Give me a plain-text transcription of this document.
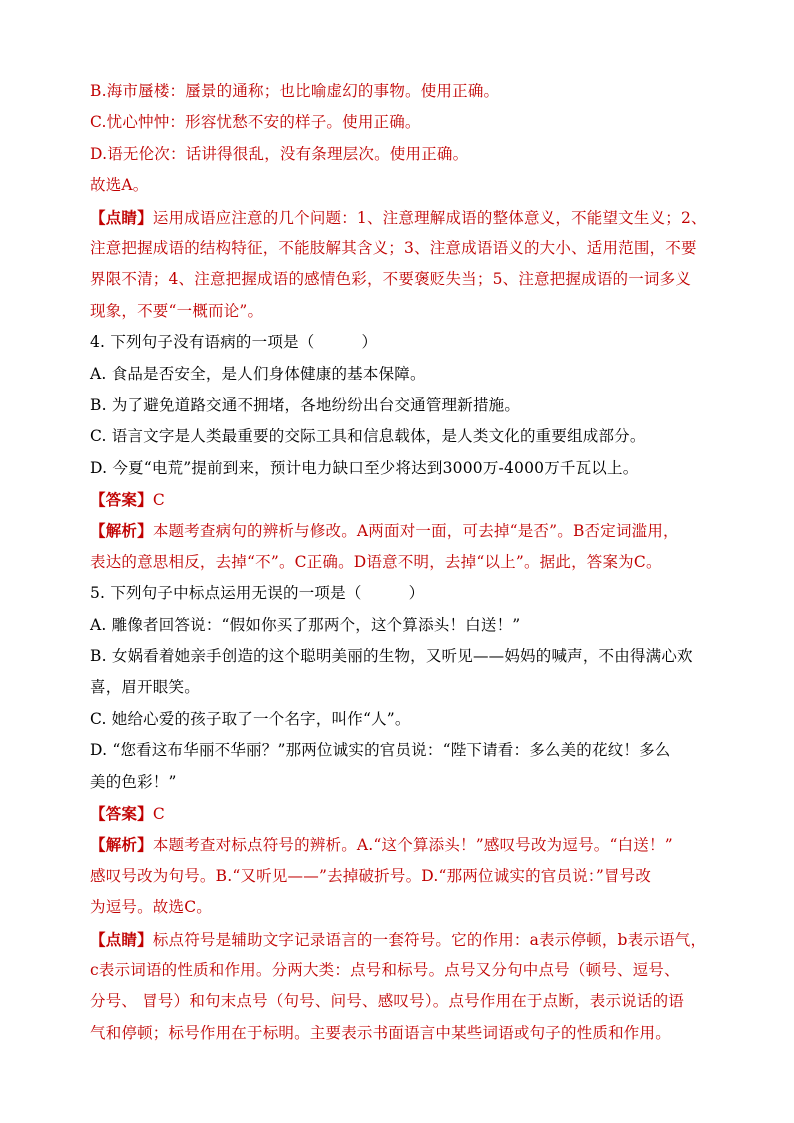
B.海市蜃楼：蜃景的通称；也比喻虚幻的事物。使用正确。
C.忧心忡忡：形容忧愁不安的样子。使用正确。
D.语无伦次：话讲得很乱，没有条理层次。使用正确。
故选A。
【点睛】运用成语应注意的几个问题：1、注意理解成语的整体意义，不能望文生义；2、
注意把握成语的结构特征，不能肢解其含义；3、注意成语语义的大小、适用范围，不要
界限不清；4、注意把握成语的感情色彩，不要褒贬失当；5、注意把握成语的一词多义
现象，不要“一概而论”。
4. 下列句子没有语病的一项是（　　　）
A. 食品是否安全，是人们身体健康的基本保障。
B. 为了避免道路交通不拥堵，各地纷纷出台交通管理新措施。
C. 语言文字是人类最重要的交际工具和信息载体，是人类文化的重要组成部分。
D. 今夏“电荒”提前到来，预计电力缺口至少将达到3000万-4000万千瓦以上。
【答案】C
【解析】本题考查病句的辨析与修改。A两面对一面，可去掉“是否”。B否定词滥用，
表达的意思相反，去掉“不”。C正确。D语意不明，去掉“以上”。据此，答案为C。
5. 下列句子中标点运用无误的一项是（　　　）
A. 雕像者回答说：“假如你买了那两个，这个算添头！白送！”
B. 女娲看着她亲手创造的这个聪明美丽的生物，又听见——妈妈的喊声，不由得满心欢
喜，眉开眼笑。
C. 她给心爱的孩子取了一个名字，叫作“人”。
D. “您看这布华丽不华丽？”那两位诚实的官员说：“陛下请看：多么美的花纹！多么
美的色彩！”
【答案】C
【解析】本题考查对标点符号的辨析。A.“这个算添头！”感叹号改为逗号。“白送！”
感叹号改为句号。B.“又听见——”去掉破折号。D.“那两位诚实的官员说：”冒号改
为逗号。故选C。
【点睛】标点符号是辅助文字记录语言的一套符号。它的作用：a表示停顿，b表示语气，
c表示词语的性质和作用。分两大类：点号和标号。点号又分句中点号（顿号、逗号、
分号、 冒号）和句末点号（句号、问号、感叹号）。点号作用在于点断，表示说话的语
气和停顿；标号作用在于标明。主要表示书面语言中某些词语或句子的性质和作用。
